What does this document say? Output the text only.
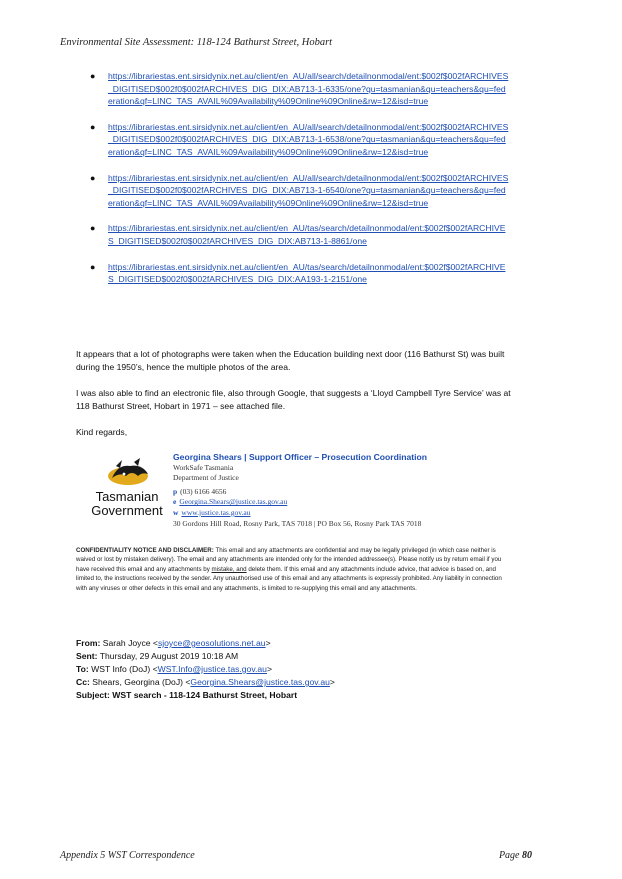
Environmental Site Assessment: 118-124 Bathurst Street, Hobart
● https://librariestas.ent.sirsidynix.net.au/client/en_AU/all/search/detailnonmodal/ent:$002f$002fARCHIVES_DIGITISED$002f0$002fARCHIVES_DIG_DIX:AB713-1-6335/one?qu=tasmanian&qu=teachers&qu=federation&qf=LINC_TAS_AVAIL%09Availability%09Online%09Online&rw=12&isd=true
● https://librariestas.ent.sirsidynix.net.au/client/en_AU/all/search/detailnonmodal/ent:$002f$002fARCHIVES_DIGITISED$002f0$002fARCHIVES_DIG_DIX:AB713-1-6538/one?qu=tasmanian&qu=teachers&qu=federation&qf=LINC_TAS_AVAIL%09Availability%09Online%09Online&rw=12&isd=true
● https://librariestas.ent.sirsidynix.net.au/client/en_AU/all/search/detailnonmodal/ent:$002f$002fARCHIVES_DIGITISED$002f0$002fARCHIVES_DIG_DIX:AB713-1-6540/one?qu=tasmanian&qu=teachers&qu=federation&qf=LINC_TAS_AVAIL%09Availability%09Online%09Online&rw=12&isd=true
● https://librariestas.ent.sirsidynix.net.au/client/en_AU/tas/search/detailnonmodal/ent:$002f$002fARCHIVES_DIGITISED$002f0$002fARCHIVES_DIG_DIX:AB713-1-8861/one
● https://librariestas.ent.sirsidynix.net.au/client/en_AU/tas/search/detailnonmodal/ent:$002f$002fARCHIVES_DIGITISED$002f0$002fARCHIVES_DIG_DIX:AA193-1-2151/one

It appears that a lot of photographs were taken when the Education building next door (116 Bathurst St) was built during the 1950’s, hence the multiple photos of the area.

I was also able to find an electronic file, also through Google, that suggests a ‘Lloyd Campbell Tyre Service’ was at 118 Bathurst Street, Hobart in 1971 – see attached file.

Kind regards,

Tasmanian
Government
Georgina Shears | Support Officer – Prosecution Coordination
WorkSafe Tasmania
Department of Justice
p (03) 6166 4656
e Georgina.Shears@justice.tas.gov.au
w www.justice.tas.gov.au
30 Gordons Hill Road, Rosny Park, TAS 7018 | PO Box 56, Rosny Park TAS 7018
CONFIDENTIALITY NOTICE AND DISCLAIMER: This email and any attachments are confidential and may be legally privileged (in which case neither is waived or lost by mistaken delivery). The email and any attachments are intended only for the intended addressee(s). Please notify us by return email if you have received this email and any attachments by mistake, and delete them. If this email and any attachments include advice, that advice is based on, and limited to, the instructions received by the sender. Any unauthorised use of this email and any attachments is expressly prohibited. Any liability in connection with any viruses or other defects in this email and any attachments, is limited to re-supplying this email and any attachments.
From: Sarah Joyce <sjoyce@geosolutions.net.au>
Sent: Thursday, 29 August 2019 10:18 AM
To: WST Info (DoJ) <WST.Info@justice.tas.gov.au>
Cc: Shears, Georgina (DoJ) <Georgina.Shears@justice.tas.gov.au>
Subject: WST search - 118-124 Bathurst Street, Hobart
Appendix 5 WST Correspondence	Page 80
